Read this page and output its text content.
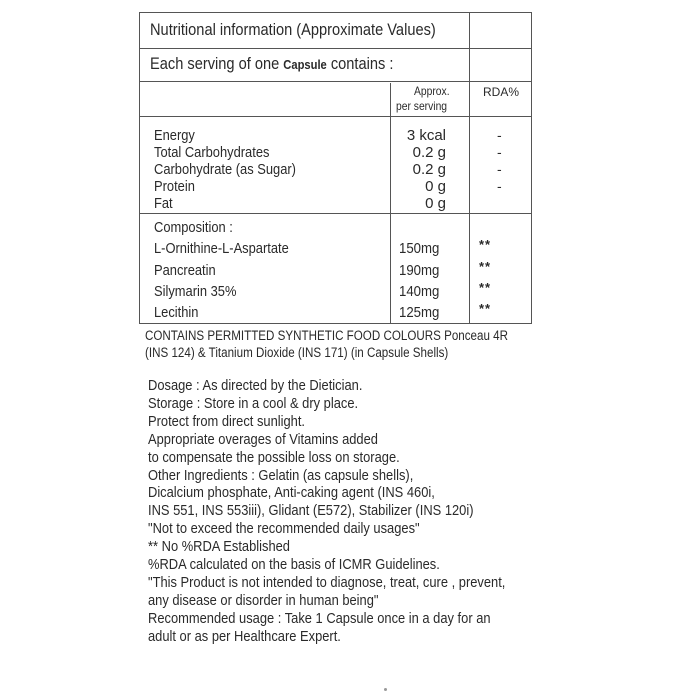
Nutritional information (Approximate Values)
Each serving of one Capsule contains :
Approx.
per serving
RDA%
Energy	3 kcal	-
Total Carbohydrates	0.2 g	-
Carbohydrate (as Sugar)	0.2 g	-
Protein	0 g	-
Fat	0 g
Composition :
L-Ornithine-L-Aspartate	150mg	**
Pancreatin	190mg	**
Silymarin 35%	140mg	**
Lecithin	125mg	**
CONTAINS PERMITTED SYNTHETIC FOOD COLOURS Ponceau 4R
(INS 124) & Titanium Dioxide (INS 171) (in Capsule Shells)
Dosage : As directed by the Dietician.
Storage : Store in a cool & dry place.
Protect from direct sunlight.
Appropriate overages of Vitamins added
to compensate the possible loss on storage.
Other Ingredients : Gelatin (as capsule shells),
Dicalcium phosphate, Anti-caking agent (INS 460i,
INS 551, INS 553iii), Glidant (E572), Stabilizer (INS 120i)
"Not to exceed the recommended daily usages"
** No %RDA Established
%RDA calculated on the basis of ICMR Guidelines.
"This Product is not intended to diagnose, treat, cure , prevent,
any disease or disorder in human being"
Recommended usage : Take 1 Capsule once in a day for an
adult or as per Healthcare Expert.
